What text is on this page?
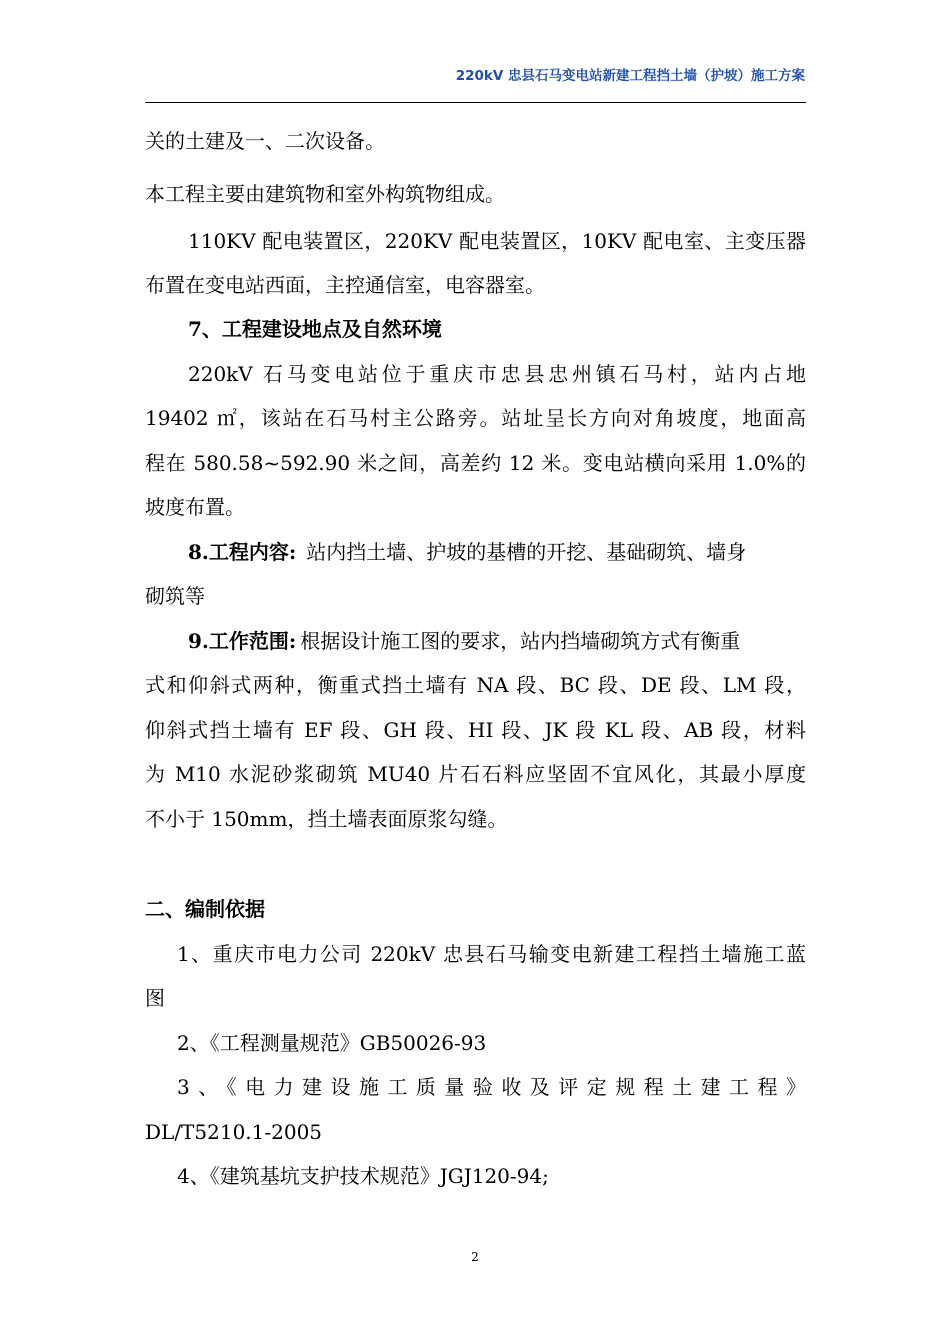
220kV 忠县石马变电站新建工程挡土墙（护坡）施工方案
关的土建及一、二次设备。
本工程主要由建筑物和室外构筑物组成。
110KV 配电装置区，220KV 配电装置区，10KV 配电室、主变压器
布置在变电站西面，主控通信室，电容器室。
7、工程建设地点及自然环境
220kV 石马变电站位于重庆市忠县忠州镇石马村，站内占地
19402 ㎡，该站在石马村主公路旁。站址呈长方向对角坡度，地面高
程在 580.58~592.90 米之间，高差约 12 米。变电站横向采用 1.0%的
坡度布置。
8.工程内容: 站内挡土墙、护坡的基槽的开挖、基础砌筑、墙身
砌筑等
9.工作范围: 根据设计施工图的要求，站内挡墙砌筑方式有衡重
式和仰斜式两种，衡重式挡土墙有 NA 段、BC 段、DE 段、LM 段，
仰斜式挡土墙有 EF 段、GH 段、HI 段、JK 段 KL 段、AB 段，材料
为 M10 水泥砂浆砌筑 MU40 片石石料应坚固不宜风化，其最小厚度
不小于 150mm，挡土墙表面原浆勾缝。
二、编制依据
1、重庆市电力公司 220kV 忠县石马输变电新建工程挡土墙施工蓝
图
2、《工程测量规范》GB50026-93
3、《电力建设施工质量验收及评定规程土建工程》
DL/T5210.1-2005
4、《建筑基坑支护技术规范》JGJ120-94;
2
